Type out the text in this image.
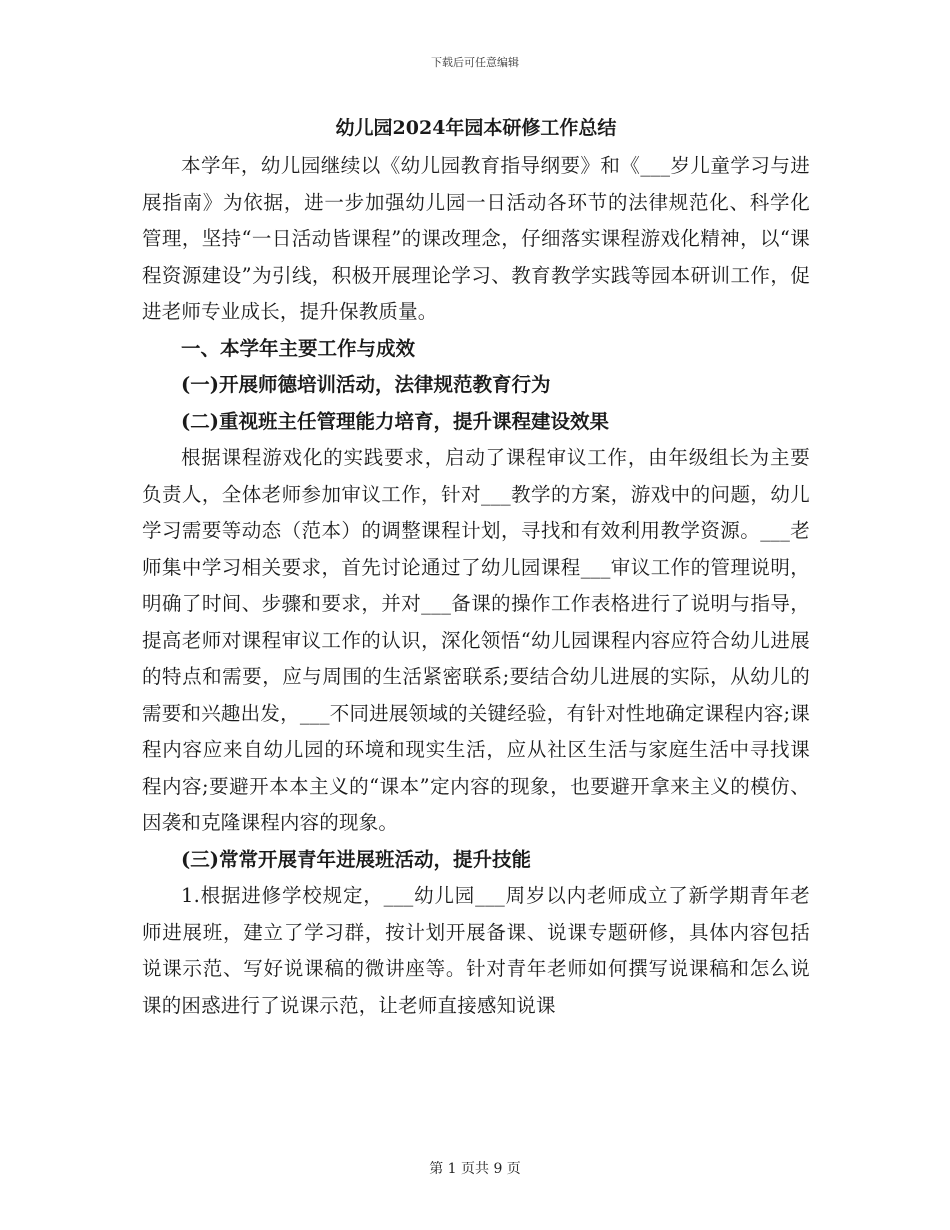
下载后可任意编辑
幼儿园2024年园本研修工作总结

本学年，幼儿园继续以《幼儿园教育指导纲要》和《___岁儿童学习与进展指南》为依据，进一步加强幼儿园一日活动各环节的法律规范化、科学化管理，坚持“一日活动皆课程”的课改理念，仔细落实课程游戏化精神，以“课程资源建设”为引线，积极开展理论学习、教育教学实践等园本研训工作，促进老师专业成长，提升保教质量。

一、本学年主要工作与成效

(一)开展师德培训活动，法律规范教育行为

(二)重视班主任管理能力培育，提升课程建设效果

根据课程游戏化的实践要求，启动了课程审议工作，由年级组长为主要负责人，全体老师参加审议工作，针对___教学的方案，游戏中的问题，幼儿学习需要等动态（范本）的调整课程计划，寻找和有效利用教学资源。___老师集中学习相关要求，首先讨论通过了幼儿园课程___审议工作的管理说明，明确了时间、步骤和要求，并对___备课的操作工作表格进行了说明与指导，提高老师对课程审议工作的认识，深化领悟“幼儿园课程内容应符合幼儿进展的特点和需要，应与周围的生活紧密联系;要结合幼儿进展的实际，从幼儿的需要和兴趣出发，___不同进展领域的关键经验，有针对性地确定课程内容;课程内容应来自幼儿园的环境和现实生活，应从社区生活与家庭生活中寻找课程内容;要避开本本主义的“课本”定内容的现象，也要避开拿来主义的模仿、因袭和克隆课程内容的现象。

(三)常常开展青年进展班活动，提升技能

1.根据进修学校规定，___幼儿园___周岁以内老师成立了新学期青年老师进展班，建立了学习群，按计划开展备课、说课专题研修，具体内容包括说课示范、写好说课稿的微讲座等。针对青年老师如何撰写说课稿和怎么说课的困惑进行了说课示范，让老师直接感知说课

第 1 页共 9 页
